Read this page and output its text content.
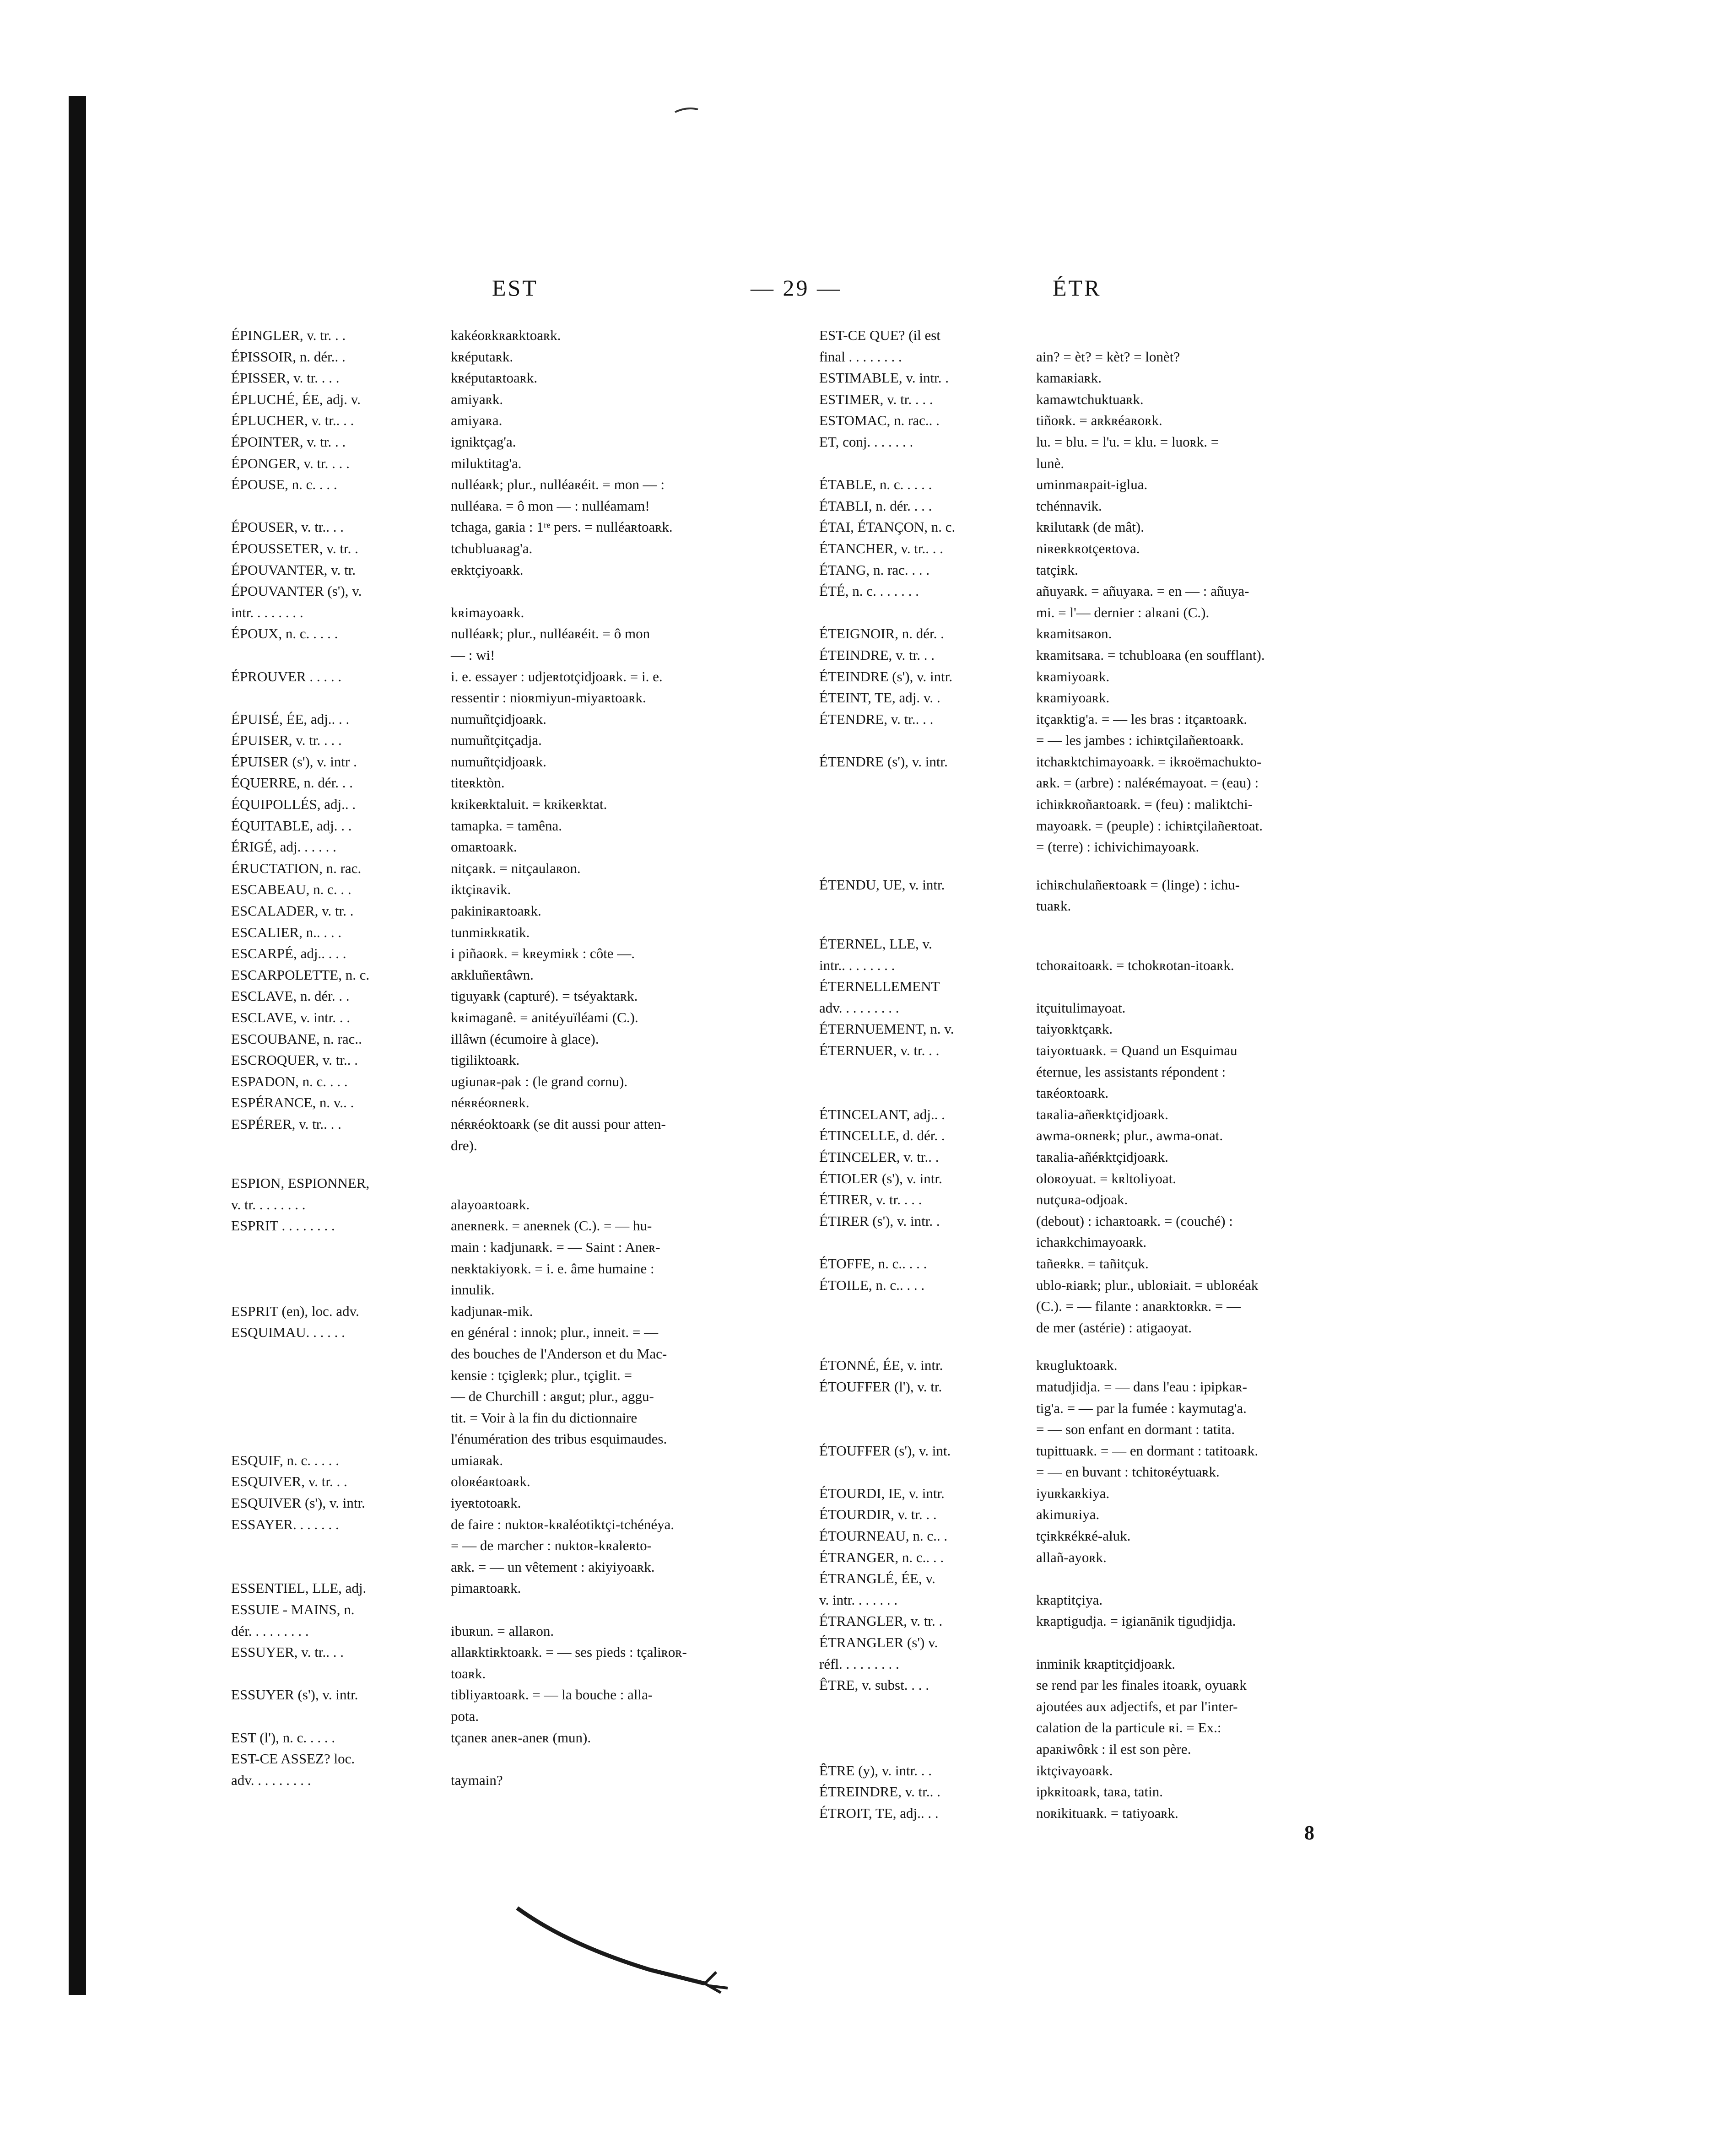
EST	— 29 —	ÉTR
ÉPINGLER, v. tr. . .	kakéoʀkʀaʀktoaʀk.
ÉPISSOIR, n. dér.. .	kʀéputaʀk.
ÉPISSER, v. tr. . . .	kʀéputaʀtoaʀk.
ÉPLUCHÉ, ÉE, adj. v.	amiyaʀk.
ÉPLUCHER, v. tr.. . .	amiyaʀa.
ÉPOINTER, v. tr. . .	igniktçag'a.
ÉPONGER, v. tr. . . .	miluktitag'a.
ÉPOUSE, n. c. . . .	nulléaʀk; plur., nulléaʀéit. = mon — :
nulléaʀa. = ô mon — : nulléamam!
ÉPOUSER, v. tr.. . .	tchaga, gaʀia : 1ʳᵉ pers. = nulléaʀtoaʀk.
ÉPOUSSETER, v. tr. .	tchubluaʀag'a.
ÉPOUVANTER, v. tr.	eʀktçiyoaʀk.
ÉPOUVANTER (s'), v.
intr. . . . . . . .	kʀimayoaʀk.
ÉPOUX, n. c. . . . .	nulléaʀk; plur., nulléaʀéit. = ô mon
— : wi!
ÉPROUVER . . . . .	i. e. essayer : udjeʀtotçidjoaʀk. = i. e.
ressentir : nioʀmiyun-miyaʀtoaʀk.
ÉPUISÉ, ÉE, adj.. . .	numuñtçidjoaʀk.
ÉPUISER, v. tr. . . .	numuñtçitçadja.
ÉPUISER (s'), v. intr .	numuñtçidjoaʀk.
ÉQUERRE, n. dér. . .	titeʀktòn.
ÉQUIPOLLÉS, adj.. .	kʀikeʀktaluit. = kʀikeʀktat.
ÉQUITABLE, adj. . .	tamapka. = tamêna.
ÉRIGÉ, adj. . . . . .	omaʀtoaʀk.
ÉRUCTATION, n. rac.	nitçaʀk. = nitçaulaʀon.
ESCABEAU, n. c. . .	iktçiʀavik.
ESCALADER, v. tr. .	pakiniʀaʀtoaʀk.
ESCALIER, n.. . . .	tunmiʀkʀatik.
ESCARPÉ, adj.. . . .	i piñaoʀk. = kʀeymiʀk : côte —.
ESCARPOLETTE, n. c.	aʀkluñeʀtâwn.
ESCLAVE, n. dér. . .	tiguyaʀk (capturé). = tséyaktaʀk.
ESCLAVE, v. intr. . .	kʀimaganê. = anitéyuïléami (C.).
ESCOUBANE, n. rac..	illâwn (écumoire à glace).
ESCROQUER, v. tr.. .	tigiliktoaʀk.
ESPADON, n. c. . . .	ugiunaʀ-pak : (le grand cornu).
ESPÉRANCE, n. v.. .	néʀʀéoʀneʀk.
ESPÉRER, v. tr.. . .	néʀʀéoktoaʀk (se dit aussi pour atten-
dre).
ESPION, ESPIONNER,
v. tr. . . . . . . .	alayoaʀtoaʀk.
ESPRIT . . . . . . . .	aneʀneʀk. = aneʀnek (C.). = — hu-
main : kadjunaʀk. = — Saint : Aneʀ-
neʀktakiyoʀk. = i. e. âme humaine :
innulik.
ESPRIT (en), loc. adv.	kadjunaʀ-mik.
ESQUIMAU. . . . . .	en général : innok; plur., inneit. = —
des bouches de l'Anderson et du Mac-
kensie : tçigleʀk; plur., tçiglit. =
— de Churchill : aʀgut; plur., aggu-
tit. = Voir à la fin du dictionnaire
l'énumération des tribus esquimaudes.
ESQUIF, n. c. . . . .	umiaʀak.
ESQUIVER, v. tr. . .	oloʀéaʀtoaʀk.
ESQUIVER (s'), v. intr.	iyeʀtotoaʀk.
ESSAYER. . . . . . .	de faire : nuktoʀ-kʀaléotiktçi-tchénéya.
= — de marcher : nuktoʀ-kʀaleʀto-
aʀk. = — un vêtement : akiyiyoaʀk.
ESSENTIEL, LLE, adj.	pimaʀtoaʀk.
ESSUIE - MAINS, n.
dér. . . . . . . . .	ibuʀun. = allaʀon.
ESSUYER, v. tr.. . .	allaʀktiʀktoaʀk. = — ses pieds : tçaliʀoʀ-
toaʀk.
ESSUYER (s'), v. intr.	tibliyaʀtoaʀk. = — la bouche : alla-
pota.
EST (l'), n. c. . . . .	tçaneʀ aneʀ-aneʀ (mun).
EST-CE ASSEZ? loc.
adv. . . . . . . . .	taymain?
EST-CE QUE? (il est
final . . . . . . . .	ain? = èt? = kèt? = lonèt?
ESTIMABLE, v. intr. .	kamaʀiaʀk.
ESTIMER, v. tr. . . .	kamawtchuktuaʀk.
ESTOMAC, n. rac.. .	tiñoʀk. = aʀkʀéaʀoʀk.
ET, conj. . . . . . .	lu. = blu. = l'u. = klu. = luoʀk. =
lunè.
ÉTABLE, n. c. . . . .	uminmaʀpait-iglua.
ÉTABLI, n. dér. . . .	tchénnavik.
ÉTAI, ÉTANÇON, n. c.	kʀilutaʀk (de mât).
ÉTANCHER, v. tr.. . .	niʀeʀkʀotçeʀtova.
ÉTANG, n. rac. . . .	tatçiʀk.
ÉTÉ, n. c. . . . . . .	añuyaʀk. = añuyaʀa. = en — : añuya-
mi. = l'— dernier : alʀani (C.).
ÉTEIGNOIR, n. dér. .	kʀamitsaʀon.
ÉTEINDRE, v. tr. . .	kʀamitsaʀa. = tchubloaʀa (en soufflant).
ÉTEINDRE (s'), v. intr.	kʀamiyoaʀk.
ÉTEINT, TE, adj. v. .	kʀamiyoaʀk.
ÉTENDRE, v. tr.. . .	itçaʀktig'a. = — les bras : itçaʀtoaʀk.
= — les jambes : ichiʀtçilañeʀtoaʀk.
ÉTENDRE (s'), v. intr.	itchaʀktchimayoaʀk. = ikʀoëmachukto-
aʀk. = (arbre) : naléʀémayoat. = (eau) :
ichiʀkʀoñaʀtoaʀk. = (feu) : maliktchi-
mayoaʀk. = (peuple) : ichiʀtçilañeʀtoat.
= (terre) : ichivichimayoaʀk.
ÉTENDU, UE, v. intr.	ichiʀchulañeʀtoaʀk = (linge) : ichu-
tuaʀk.
ÉTERNEL, LLE, v.
intr.. . . . . . . .	tchoʀaitoaʀk. = tchokʀotan-itoaʀk.
ÉTERNELLEMENT
adv. . . . . . . . .	itçuitulimayoat.
ÉTERNUEMENT, n. v.	taiyoʀktçaʀk.
ÉTERNUER, v. tr. . .	taiyoʀtuaʀk. = Quand un Esquimau
éternue, les assistants répondent :
taʀéoʀtoaʀk.
ÉTINCELANT, adj.. .	taʀalia-añeʀktçidjoaʀk.
ÉTINCELLE, d. dér. .	awma-oʀneʀk; plur., awma-onat.
ÉTINCELER, v. tr.. .	taʀalia-añéʀktçidjoaʀk.
ÉTIOLER (s'), v. intr.	oloʀoyuat. = kʀltoliyoat.
ÉTIRER, v. tr. . . .	nutçuʀa-odjoak.
ÉTIRER (s'), v. intr. .	(debout) : ichaʀtoaʀk. = (couché) :
ichaʀkchimayoaʀk.
ÉTOFFE, n. c.. . . .	tañeʀkʀ. = tañitçuk.
ÉTOILE, n. c.. . . .	ublo-ʀiaʀk; plur., ubloʀiait. = ubloʀéak
(C.). = — filante : anaʀktoʀkʀ. = —
de mer (astérie) : atigaoyat.
ÉTONNÉ, ÉE, v. intr.	kʀugluktoaʀk.
ÉTOUFFER (l'), v. tr.	matudjidja. = — dans l'eau : ipipkaʀ-
tig'a. = — par la fumée : kaymutag'a.
= — son enfant en dormant : tatita.
ÉTOUFFER (s'), v. int.	tupittuaʀk. = — en dormant : tatitoaʀk.
= — en buvant : tchitoʀéytuaʀk.
ÉTOURDI, IE, v. intr.	iyuʀkaʀkiya.
ÉTOURDIR, v. tr. . .	akimuʀiya.
ÉTOURNEAU, n. c.. .	tçiʀkʀékʀé-aluk.
ÉTRANGER, n. c.. . .	allañ-ayoʀk.
ÉTRANGLÉ, ÉE, v.
v. intr. . . . . . .	kʀaptitçiya.
ÉTRANGLER, v. tr. .	kʀaptigudja. = igianānik tigudjidja.
ÉTRANGLER (s') v.
réfl. . . . . . . . .	inminik kʀaptitçidjoaʀk.
ÊTRE, v. subst. . . .	se rend par les finales itoaʀk, oyuaʀk
ajoutées aux adjectifs, et par l'inter-
calation de la particule ʀi. = Ex.:
apaʀiwôʀk : il est son père.
ÊTRE (y), v. intr. . .	iktçivayoaʀk.
ÉTREINDRE, v. tr.. .	ipkʀitoaʀk, taʀa, tatin.
ÉTROIT, TE, adj.. . .	noʀikituaʀk. = tatiyoaʀk.
8
